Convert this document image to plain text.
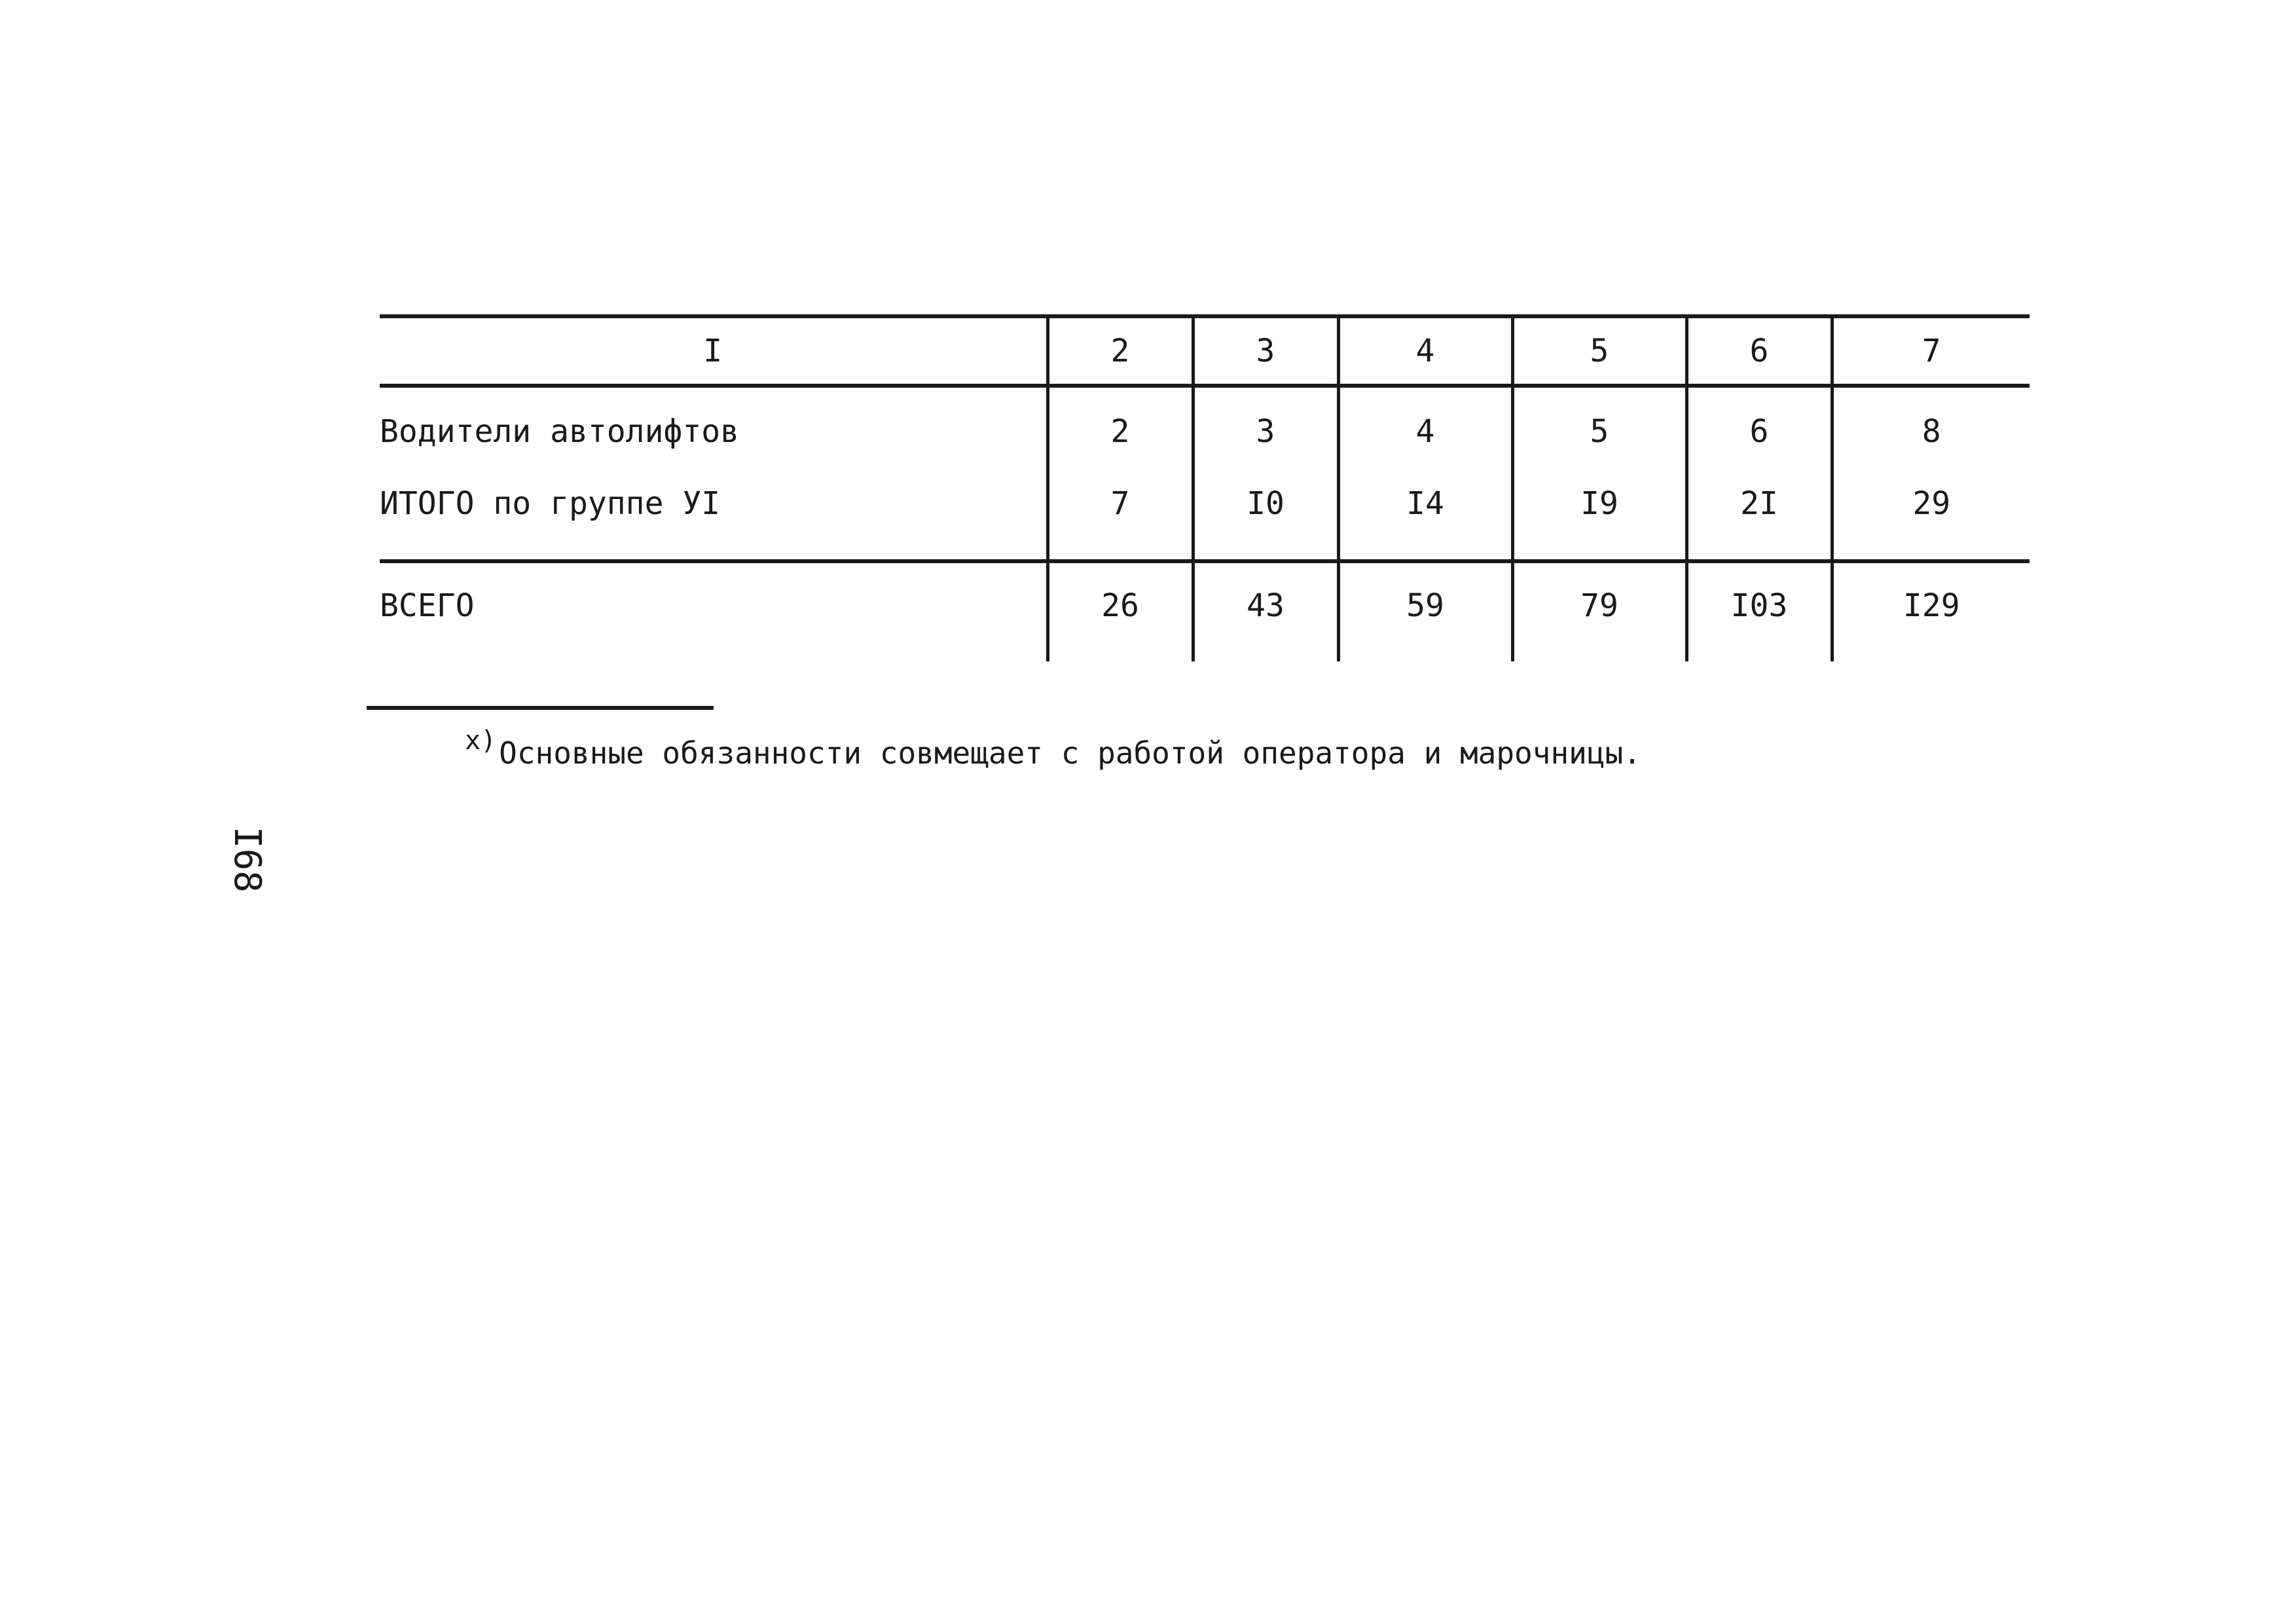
I	2	3	4	5	6	7
Водители автолифтов	2	3	4	5	6	8
ИТОГО по группе УI	7	I0	I4	I9	2I	29
ВСЕГО	26	43	59	79	I03	I29
х)Основные обязанности совмещает с работой оператора и марочницы.
I68
